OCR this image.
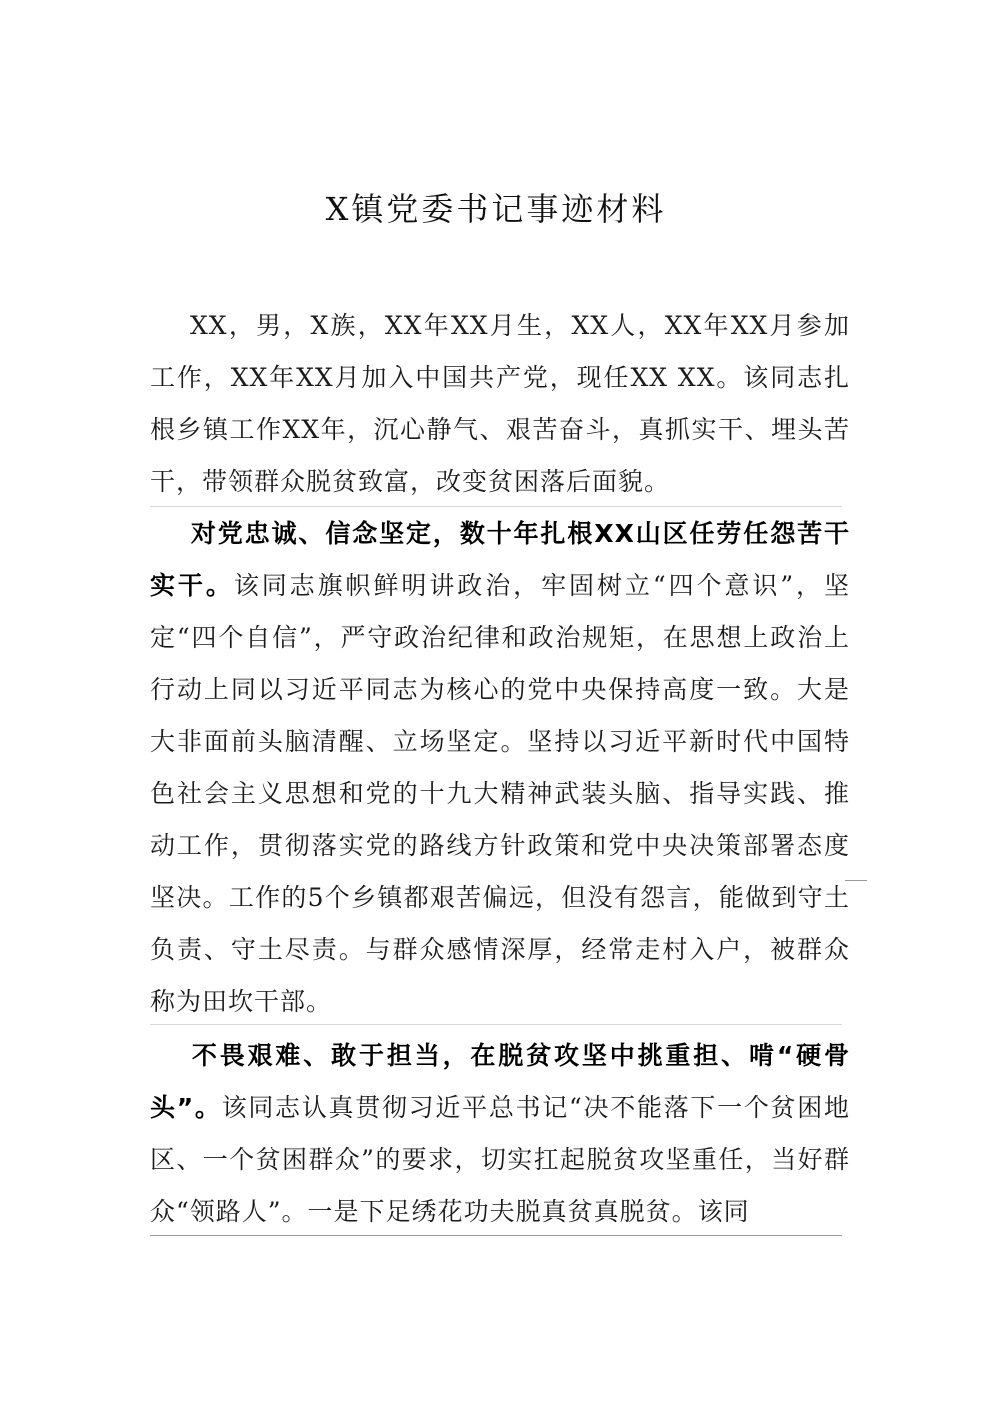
X镇党委书记事迹材料

XX，男，X族，XX年XX月生，XX人，XX年XX月参加工作，XX年XX月加入中国共产党，现任XX XX。该同志扎根乡镇工作XX年，沉心静气、艰苦奋斗，真抓实干、埋头苦干，带领群众脱贫致富，改变贫困落后面貌。

对党忠诚、信念坚定，数十年扎根XX山区任劳任怨苦干实干。该同志旗帜鲜明讲政治，牢固树立“四个意识”，坚定“四个自信”，严守政治纪律和政治规矩，在思想上政治上行动上同以习近平同志为核心的党中央保持高度一致。大是大非面前头脑清醒、立场坚定。坚持以习近平新时代中国特色社会主义思想和党的十九大精神武装头脑、指导实践、推动工作，贯彻落实党的路线方针政策和党中央决策部署态度坚决。工作的5个乡镇都艰苦偏远，但没有怨言，能做到守土负责、守土尽责。与群众感情深厚，经常走村入户，被群众称为田坎干部。

不畏艰难、敢于担当，在脱贫攻坚中挑重担、啃“硬骨头”。该同志认真贯彻习近平总书记“决不能落下一个贫困地区、一个贫困群众”的要求，切实扛起脱贫攻坚重任，当好群众“领路人”。一是下足绣花功夫脱真贫真脱贫。该同
